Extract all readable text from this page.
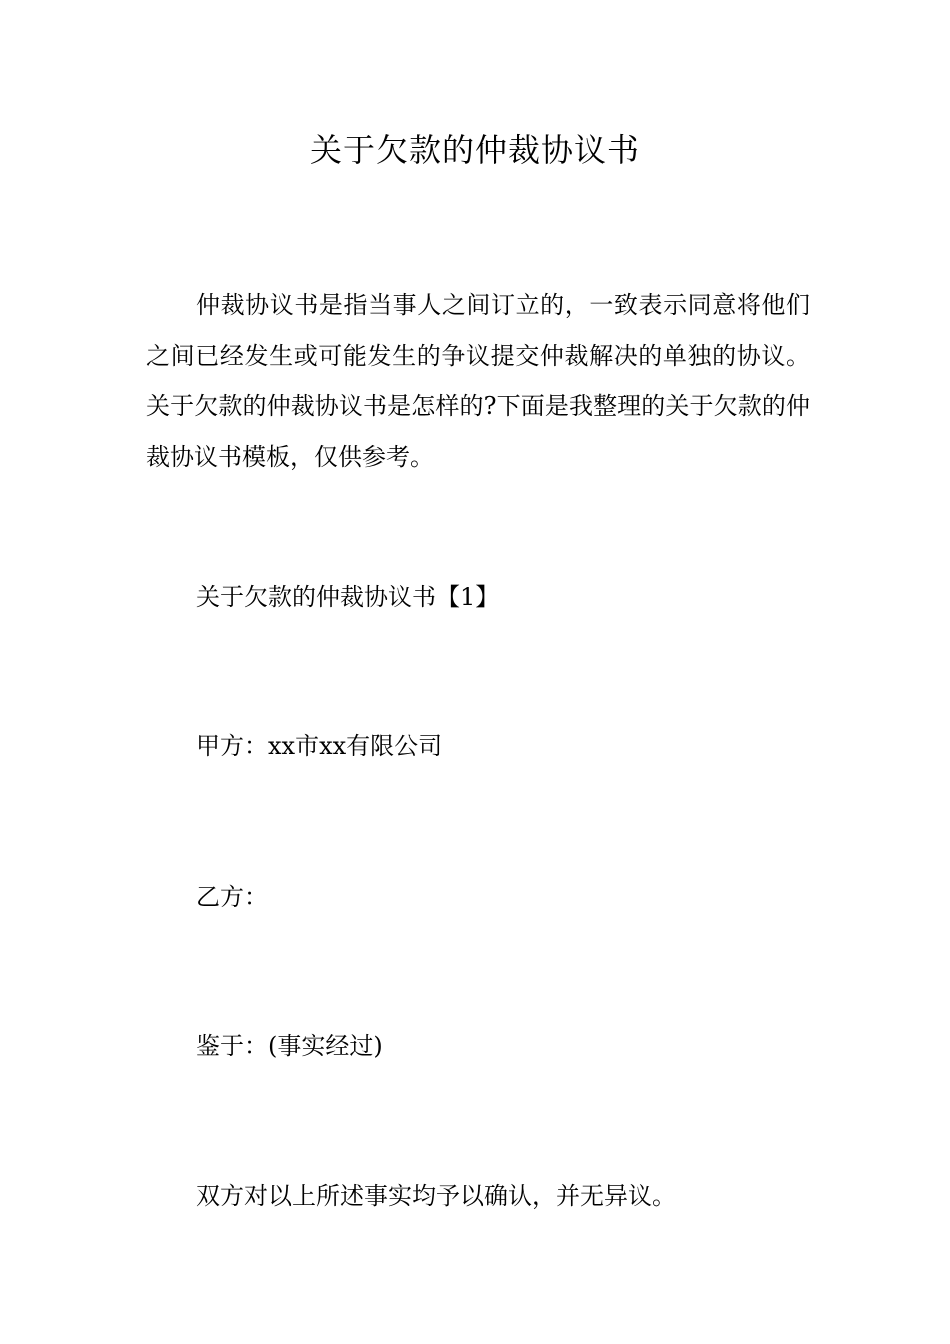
关于欠款的仲裁协议书

仲裁协议书是指当事人之间订立的，一致表示同意将他们之间已经发生或可能发生的争议提交仲裁解决的单独的协议。关于欠款的仲裁协议书是怎样的?下面是我整理的关于欠款的仲裁协议书模板，仅供参考。

关于欠款的仲裁协议书【1】

甲方：xx市xx有限公司

乙方：

鉴于：(事实经过)

双方对以上所述事实均予以确认，并无异议。
